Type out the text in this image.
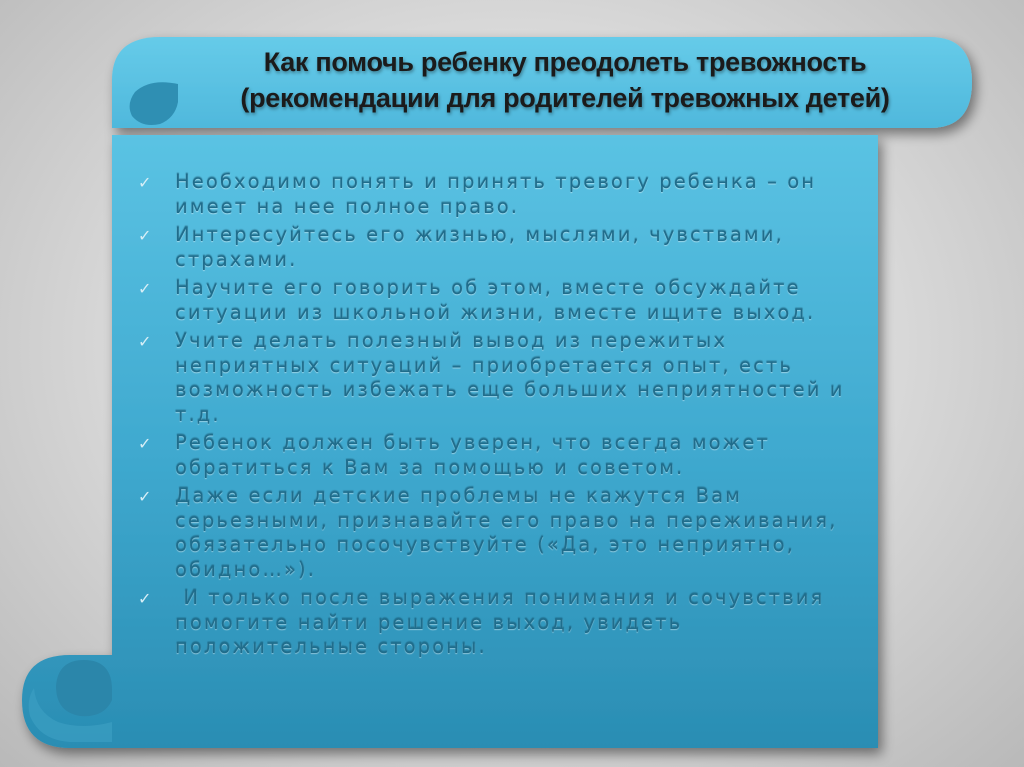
Как помочь ребенку преодолеть тревожность
(рекомендации для родителей тревожных детей)
✓ Необходимо понять и принять тревогу ребенка – он имеет на нее полное право.
✓ Интересуйтесь его жизнью, мыслями, чувствами, страхами.
✓ Научите его говорить об этом, вместе обсуждайте ситуации из школьной жизни, вместе ищите выход.
✓ Учите делать полезный вывод из пережитых неприятных ситуаций – приобретается опыт, есть возможность избежать еще больших неприятностей и т.д.
✓ Ребенок должен быть уверен, что всегда может обратиться к Вам за помощью и советом.
✓ Даже если детские проблемы не кажутся Вам серьезными, признавайте его право на переживания, обязательно посочувствуйте («Да, это неприятно, обидно…»).
✓ И только после выражения понимания и сочувствия помогите найти решение выход, увидеть положительные стороны.
